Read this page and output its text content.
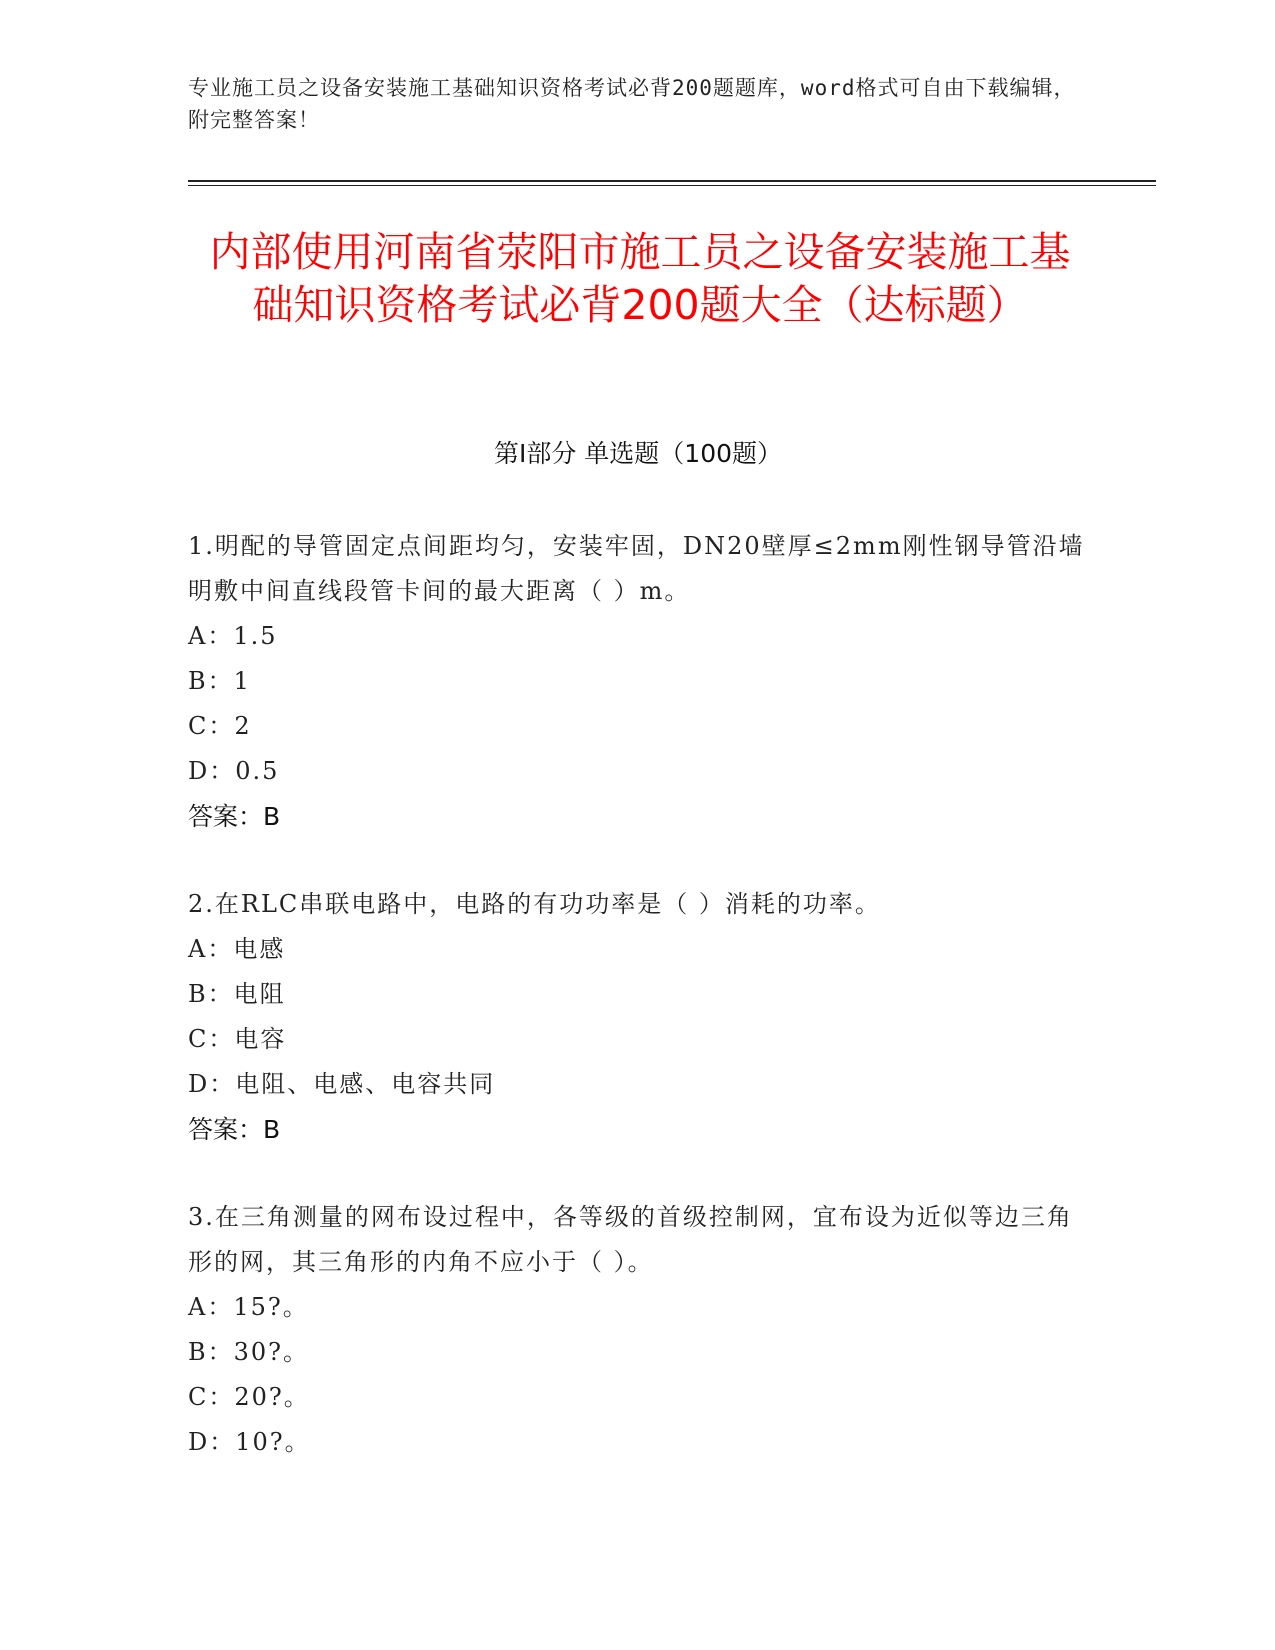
专业施工员之设备安装施工基础知识资格考试必背200题题库，word格式可自由下载编辑，附完整答案！
内部使用河南省荥阳市施工员之设备安装施工基础知识资格考试必背200题大全（达标题）
第I部分 单选题（100题）
1.明配的导管固定点间距均匀，安装牢固，DN20壁厚≤2mm刚性钢导管沿墙明敷中间直线段管卡间的最大距离（ ）m。
A：1.5
B：1
C：2
D：0.5
答案：B
2.在RLC串联电路中，电路的有功功率是（ ）消耗的功率。
A：电感
B：电阻
C：电容
D：电阻、电感、电容共同
答案：B
3.在三角测量的网布设过程中，各等级的首级控制网，宜布设为近似等边三角形的网，其三角形的内角不应小于（ ）。
A：15?。
B：30?。
C：20?。
D：10?。
